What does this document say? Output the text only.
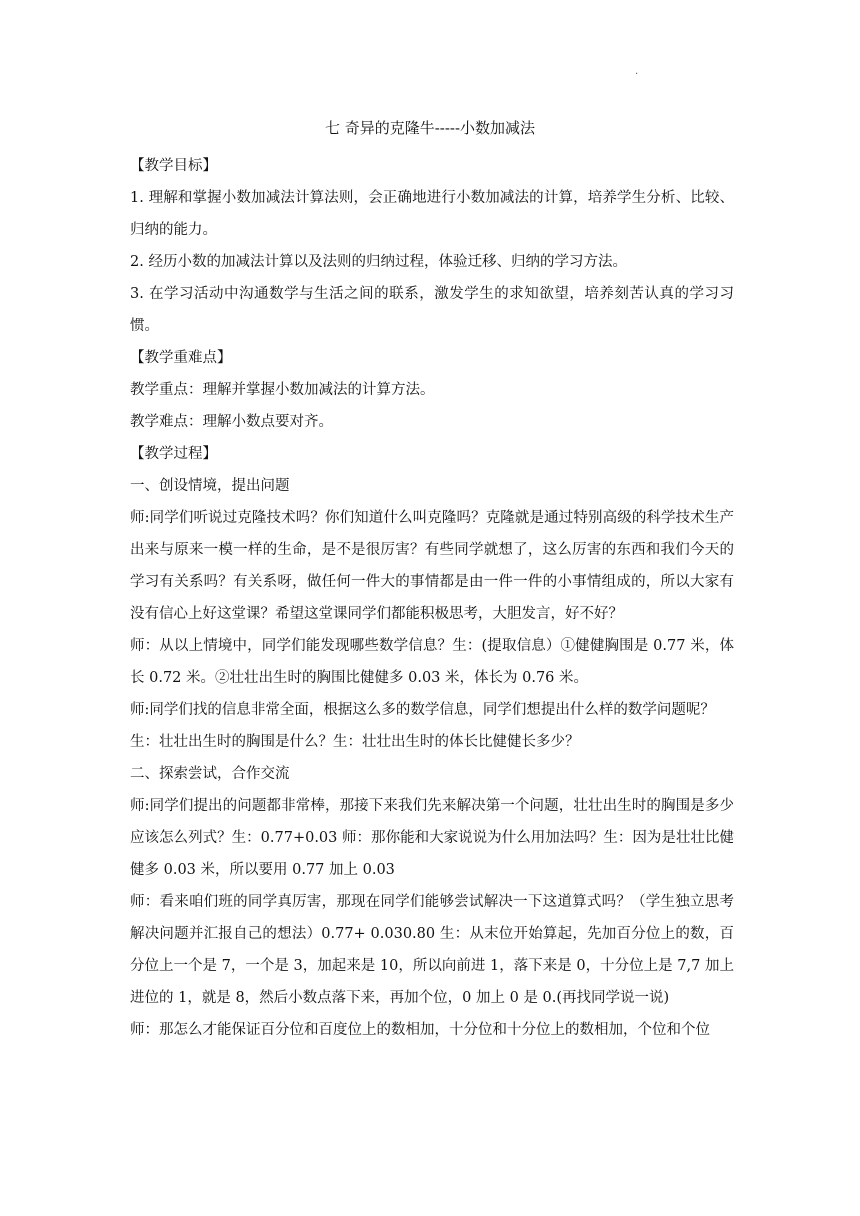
.
七 奇异的克隆牛-----小数加减法

【教学目标】

1. 理解和掌握小数加减法计算法则，会正确地进行小数加减法的计算，培养学生分析、比较、归纳的能力。

2. 经历小数的加减法计算以及法则的归纳过程，体验迁移、归纳的学习方法。

3. 在学习活动中沟通数学与生活之间的联系，激发学生的求知欲望，培养刻苦认真的学习习惯。

【教学重难点】

教学重点：理解并掌握小数加减法的计算方法。

教学难点：理解小数点要对齐。

【教学过程】

一、创设情境，提出问题

师:同学们听说过克隆技术吗？你们知道什么叫克隆吗？克隆就是通过特别高级的科学技术生产出来与原来一模一样的生命，是不是很厉害？有些同学就想了，这么厉害的东西和我们今天的学习有关系吗？有关系呀，做任何一件大的事情都是由一件一件的小事情组成的，所以大家有没有信心上好这堂课？希望这堂课同学们都能积极思考，大胆发言，好不好？

师：从以上情境中，同学们能发现哪些数学信息？生：(提取信息）①健健胸围是 0.77 米，体长 0.72 米。②壮壮出生时的胸围比健健多 0.03 米，体长为 0.76 米。

师:同学们找的信息非常全面，根据这么多的数学信息，同学们想提出什么样的数学问题呢？

生：壮壮出生时的胸围是什么？生：壮壮出生时的体长比健健长多少？

二、探索尝试，合作交流

师:同学们提出的问题都非常棒，那接下来我们先来解决第一个问题，壮壮出生时的胸围是多少应该怎么列式？生：0.77+0.03 师：那你能和大家说说为什么用加法吗？生：因为是壮壮比健健多 0.03 米，所以要用 0.77 加上 0.03

师：看来咱们班的同学真厉害，那现在同学们能够尝试解决一下这道算式吗？（学生独立思考解决问题并汇报自己的想法）0.77+ 0.030.80 生：从末位开始算起，先加百分位上的数，百分位上一个是 7，一个是 3，加起来是 10，所以向前进 1，落下来是 0，十分位上是 7,7 加上进位的 1，就是 8，然后小数点落下来，再加个位，0 加上 0 是 0.(再找同学说一说)

师：那怎么才能保证百分位和百度位上的数相加，十分位和十分位上的数相加，个位和个位
